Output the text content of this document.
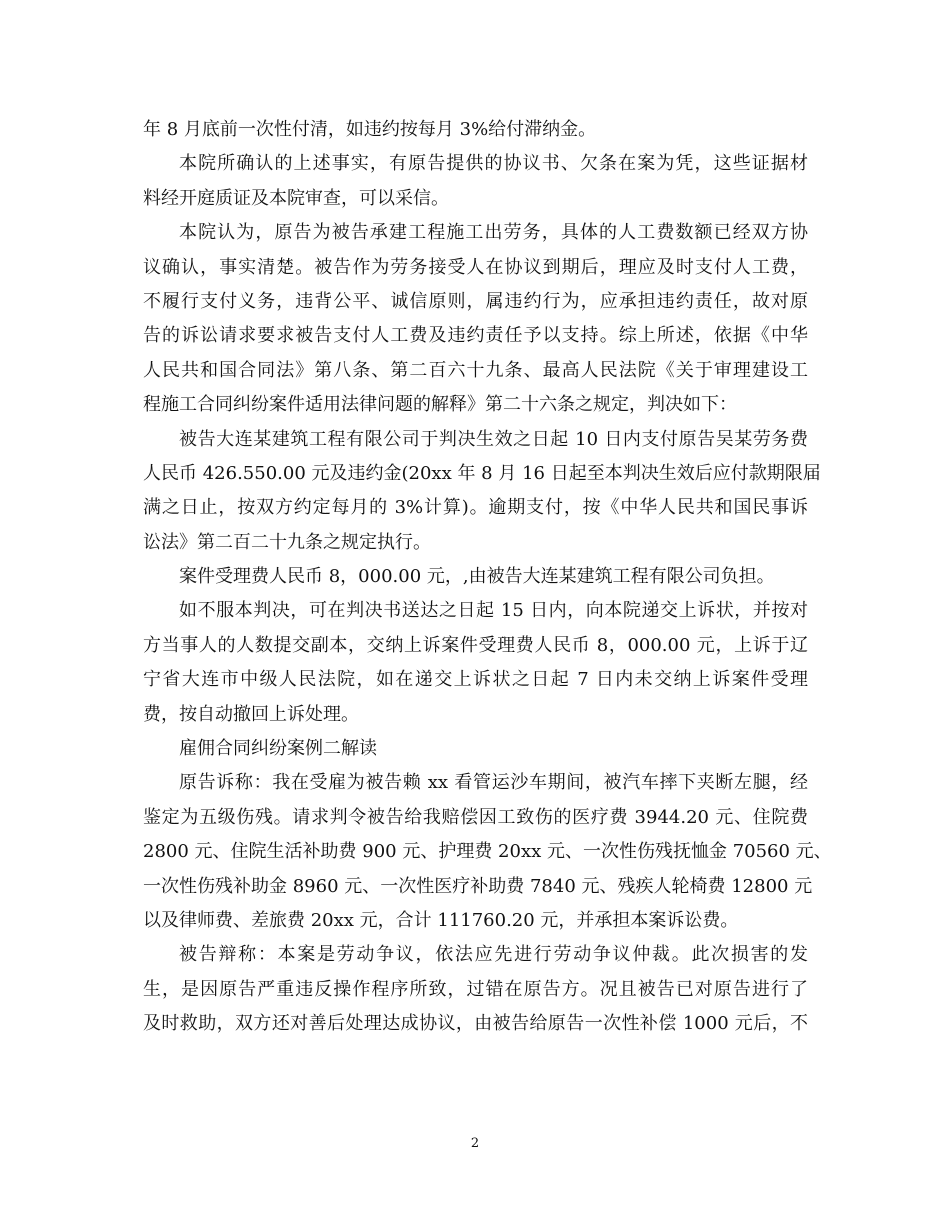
年 8 月底前一次性付清，如违约按每月 3%给付滞纳金。
本院所确认的上述事实，有原告提供的协议书、欠条在案为凭，这些证据材
料经开庭质证及本院审查，可以采信。
本院认为，原告为被告承建工程施工出劳务，具体的人工费数额已经双方协
议确认，事实清楚。被告作为劳务接受人在协议到期后，理应及时支付人工费，
不履行支付义务，违背公平、诚信原则，属违约行为，应承担违约责任，故对原
告的诉讼请求要求被告支付人工费及违约责任予以支持。综上所述，依据《中华
人民共和国合同法》第八条、第二百六十九条、最高人民法院《关于审理建设工
程施工合同纠纷案件适用法律问题的解释》第二十六条之规定，判决如下：
被告大连某建筑工程有限公司于判决生效之日起 10 日内支付原告吴某劳务费
人民币 426.550.00 元及违约金(20xx 年 8 月 16 日起至本判决生效后应付款期限届
满之日止，按双方约定每月的 3%计算)。逾期支付，按《中华人民共和国民事诉
讼法》第二百二十九条之规定执行。
案件受理费人民币 8，000.00 元，,由被告大连某建筑工程有限公司负担。
如不服本判决，可在判决书送达之日起 15 日内，向本院递交上诉状，并按对
方当事人的人数提交副本，交纳上诉案件受理费人民币 8，000.00 元，上诉于辽
宁省大连市中级人民法院，如在递交上诉状之日起 7 日内未交纳上诉案件受理
费，按自动撤回上诉处理。
雇佣合同纠纷案例二解读
原告诉称：我在受雇为被告赖 xx 看管运沙车期间，被汽车摔下夹断左腿，经
鉴定为五级伤残。请求判令被告给我赔偿因工致伤的医疗费 3944.20 元、住院费
2800 元、住院生活补助费 900 元、护理费 20xx 元、一次性伤残抚恤金 70560 元、
一次性伤残补助金 8960 元、一次性医疗补助费 7840 元、残疾人轮椅费 12800 元
以及律师费、差旅费 20xx 元，合计 111760.20 元，并承担本案诉讼费。
被告辩称：本案是劳动争议，依法应先进行劳动争议仲裁。此次损害的发
生，是因原告严重违反操作程序所致，过错在原告方。况且被告已对原告进行了
及时救助，双方还对善后处理达成协议，由被告给原告一次性补偿 1000 元后，不
2
